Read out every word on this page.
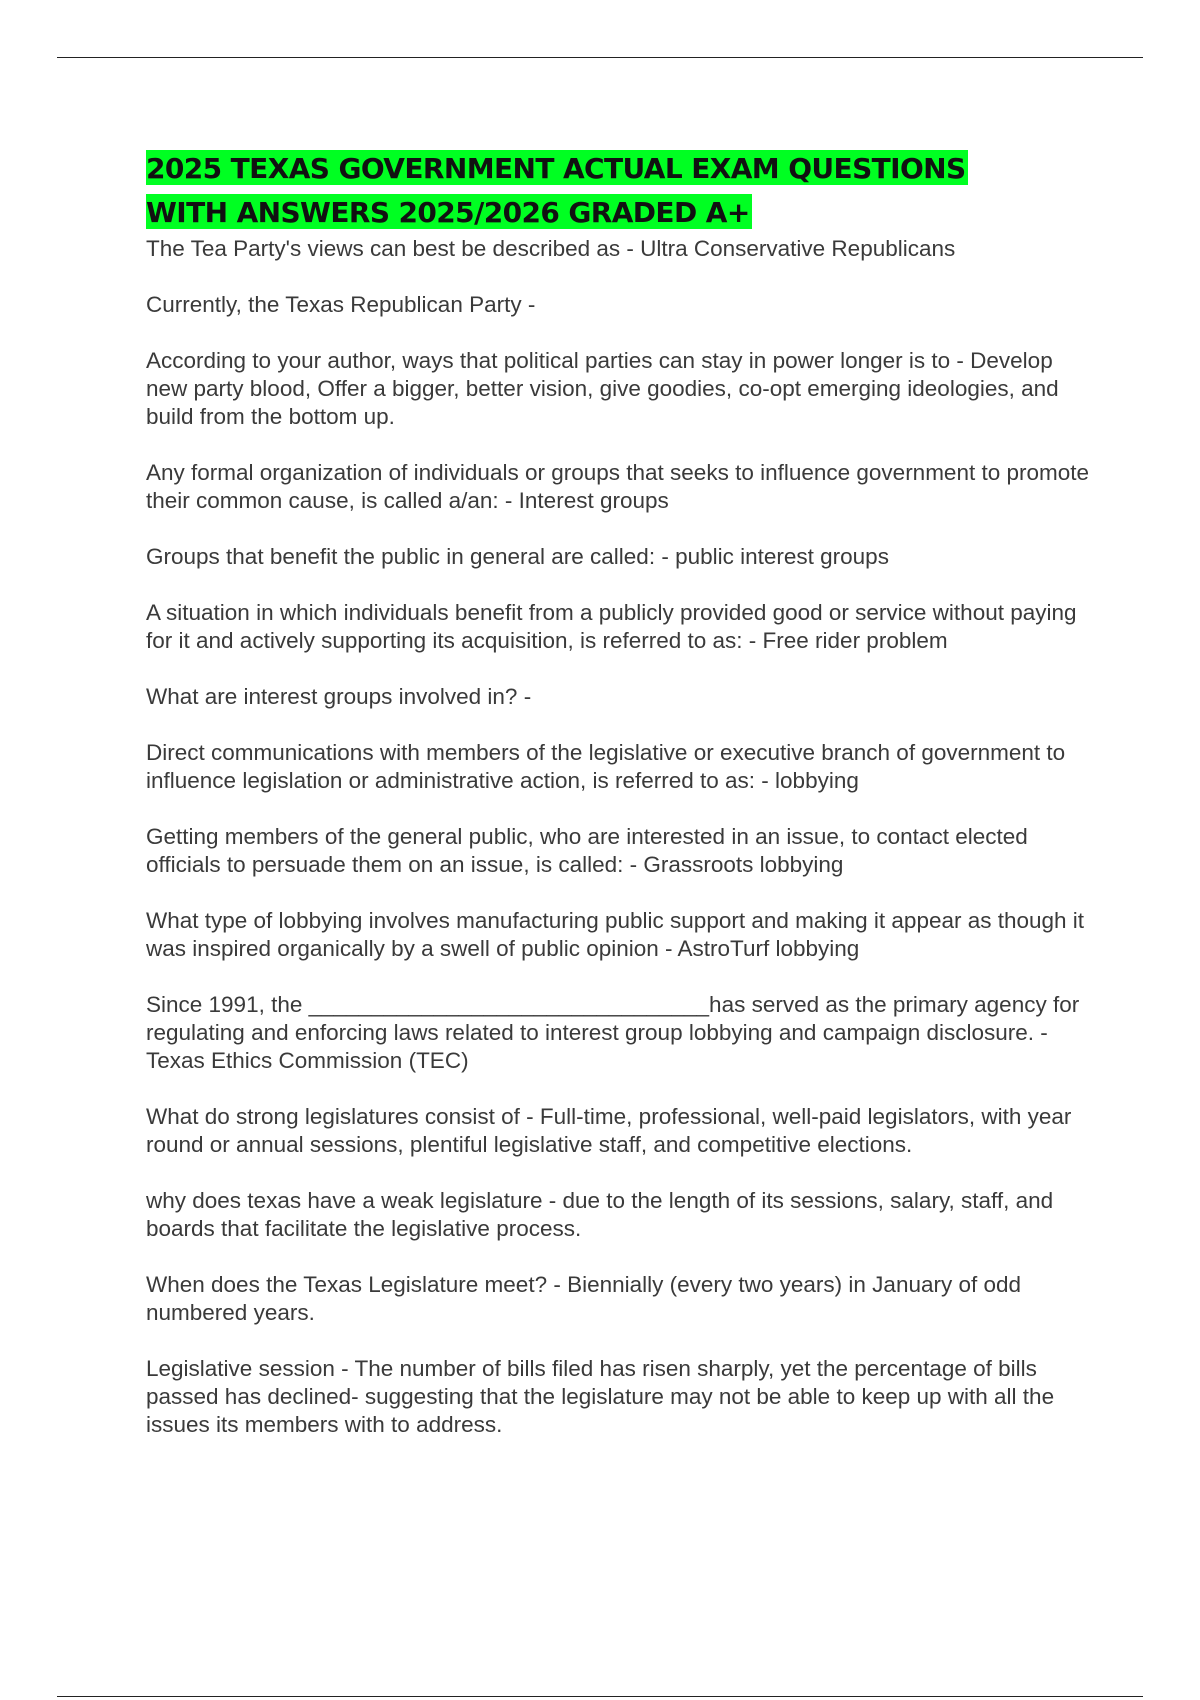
2025 TEXAS GOVERNMENT ACTUAL EXAM QUESTIONS
WITH ANSWERS 2025/2026 GRADED A+

The Tea Party's views can best be described as - Ultra Conservative Republicans

Currently, the Texas Republican Party -

According to your author, ways that political parties can stay in power longer is to - Develop new party blood, Offer a bigger, better vision, give goodies, co-opt emerging ideologies, and build from the bottom up.

Any formal organization of individuals or groups that seeks to influence government to promote their common cause, is called a/an: - Interest groups

Groups that benefit the public in general are called: - public interest groups

A situation in which individuals benefit from a publicly provided good or service without paying for it and actively supporting its acquisition, is referred to as: - Free rider problem

What are interest groups involved in? -

Direct communications with members of the legislative or executive branch of government to influence legislation or administrative action, is referred to as: - lobbying

Getting members of the general public, who are interested in an issue, to contact elected officials to persuade them on an issue, is called: - Grassroots lobbying

What type of lobbying involves manufacturing public support and making it appear as though it was inspired organically by a swell of public opinion - AstroTurf lobbying

Since 1991, the ________________________________has served as the primary agency for regulating and enforcing laws related to interest group lobbying and campaign disclosure. - Texas Ethics Commission (TEC)

What do strong legislatures consist of - Full-time, professional, well-paid legislators, with year round or annual sessions, plentiful legislative staff, and competitive elections.

why does texas have a weak legislature - due to the length of its sessions, salary, staff, and boards that facilitate the legislative process.

When does the Texas Legislature meet? - Biennially (every two years) in January of odd numbered years.

Legislative session - The number of bills filed has risen sharply, yet the percentage of bills passed has declined- suggesting that the legislature may not be able to keep up with all the issues its members with to address.
